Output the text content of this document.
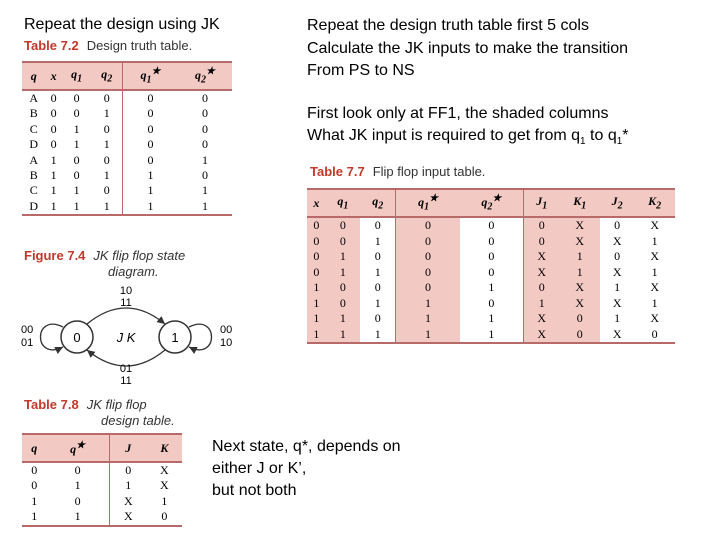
Repeat the design using JK	Repeat the design truth table first 5 cols
Calculate the JK inputs to make the transition
From PS to NS
First look only at FF1, the shaded columns
What JK input is required to get from $q_1$ to $q_1*$
Table 7.2 Design truth table.
q	x	$q_1$	$q_2$	$q_1^★$	$q_2^★$
A	0	0	0	0	0
B	0	0	1	0	0
C	0	1	0	0	0
D	0	1	1	0	0
A	1	0	0	0	1
B	1	0	1	1	0
C	1	1	0	1	1
D	1	1	1	1	1
Figure 7.4 JK flip flop state
diagram.
0	1
10
11
J K
01
11
00
01
00
10
Table 7.8 JK flip flop
design table.
q	q★	J	K
0	0	0	X
0	1	1	X
1	0	X	1
1	1	X	0
Next state, q*, depends on
either J or K’,
but not both
Table 7.7 Flip flop input table.
x	$q_1$	$q_2$	$q_1^★$	$q_2^★$	$J_1$	$K_1$	$J_2$	$K_2$
0	0	0	0	0	0	X	0	X
0	0	1	0	0	0	X	X	1
0	1	0	0	0	X	1	0	X
0	1	1	0	0	X	1	X	1
1	0	0	0	1	0	X	1	X
1	0	1	1	0	1	X	X	1
1	1	0	1	1	X	0	1	X
1	1	1	1	1	X	0	X	0
